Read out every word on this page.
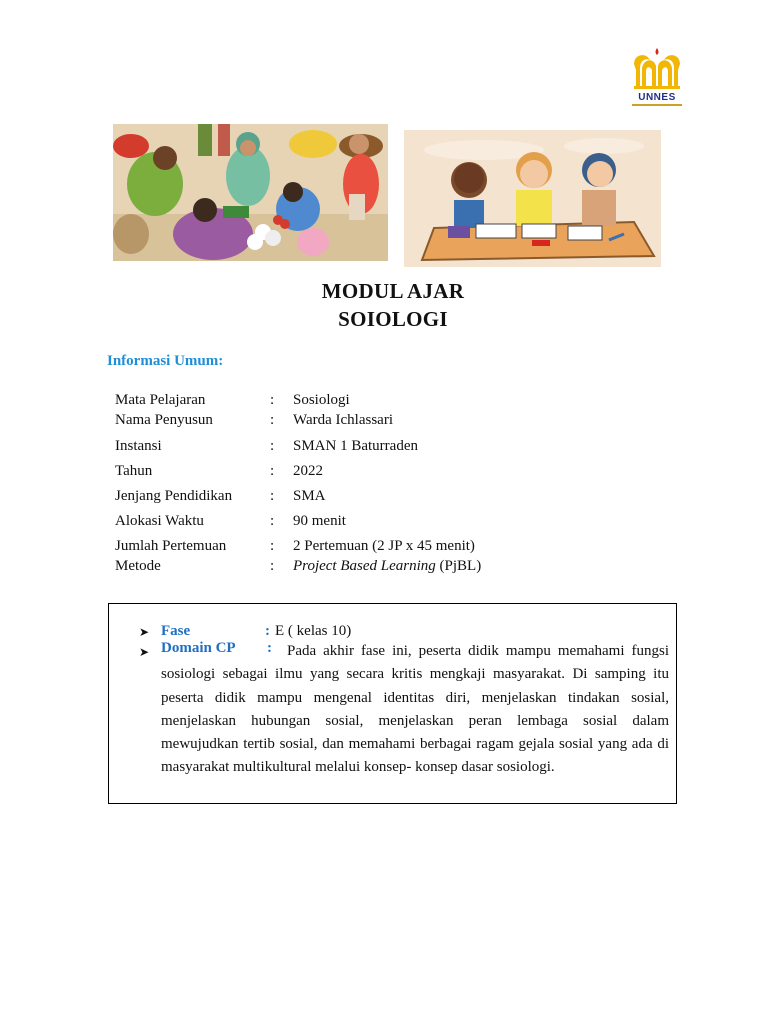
UNNES
MODUL AJAR
SOIOLOGI
Informasi Umum:
Mata Pelajaran	: Sosiologi
Nama Penyusun	: Warda Ichlassari
Instansi	: SMAN 1 Baturraden
Tahun	: 2022
Jenjang Pendidikan	: SMA
Alokasi Waktu	: 90 menit
Jumlah Pertemuan	: 2 Pertemuan (2 JP x 45 menit)
Metode	: Project Based Learning (PjBL)
➤ Fase	: E ( kelas 10)
➤ Domain CP :	Pada akhir fase ini, peserta didik mampu memahami fungsi sosiologi sebagai ilmu yang secara kritis mengkaji masyarakat. Di samping itu peserta didik mampu mengenal identitas diri, menjelaskan tindakan sosial, menjelaskan hubungan sosial, menjelaskan peran lembaga sosial dalam mewujudkan tertib sosial, dan memahami berbagai ragam gejala sosial yang ada di masyarakat multikultural melalui konsep- konsep dasar sosiologi.
